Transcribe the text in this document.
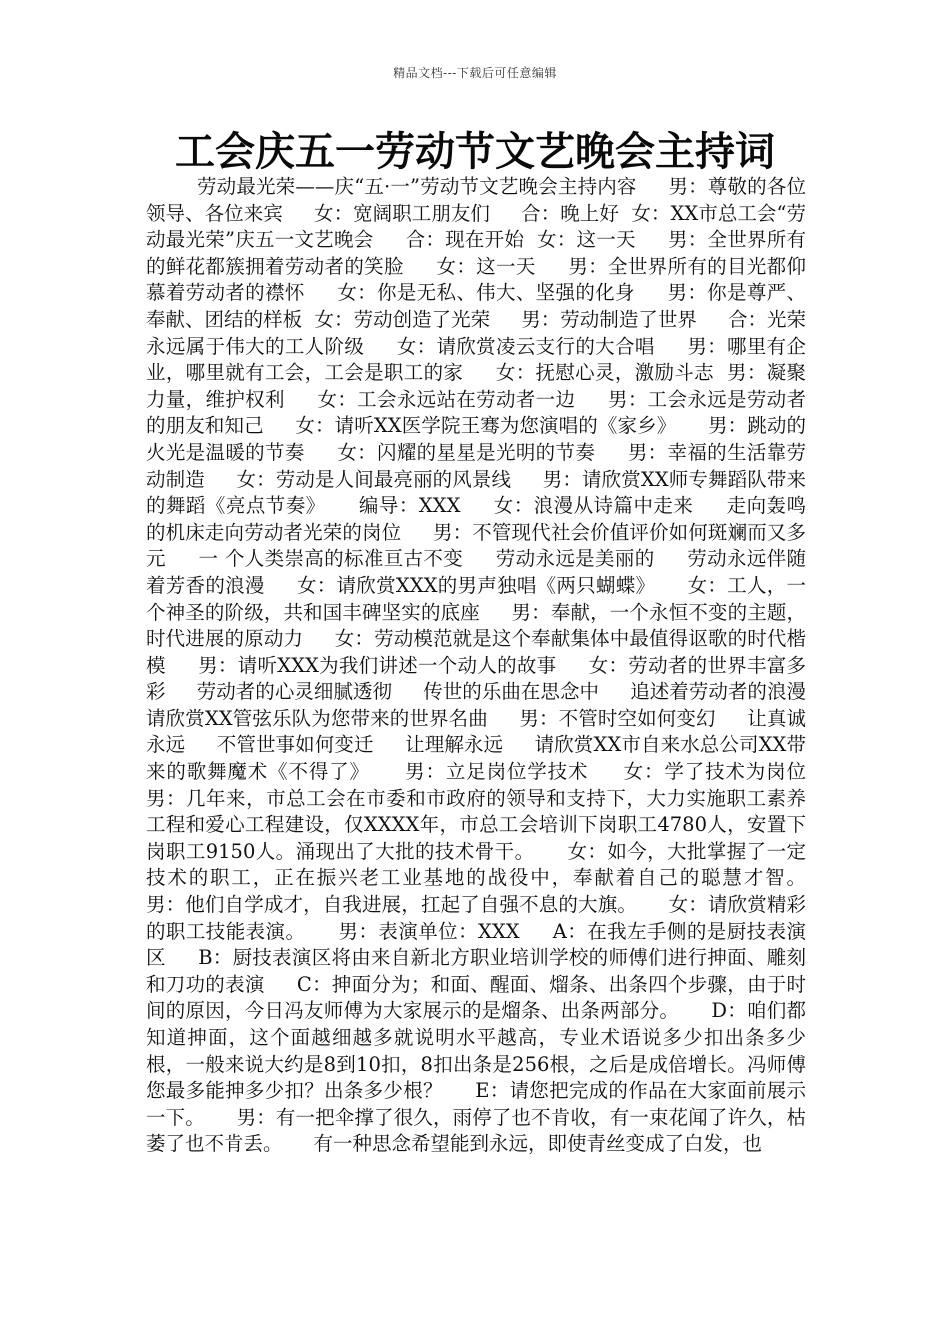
精品文档---下载后可任意编辑
工会庆五一劳动节文艺晚会主持词

劳动最光荣——庆“五·一”劳动节文艺晚会主持内容     男：尊敬的各位领导、各位来宾     女：宽阔职工朋友们     合：晚上好  女：XX市总工会“劳动最光荣”庆五一文艺晚会     合：现在开始  女：这一天     男：全世界所有的鲜花都簇拥着劳动者的笑脸     女：这一天     男：全世界所有的目光都仰慕着劳动者的襟怀     女：你是无私、伟大、坚强的化身     男：你是尊严、奉献、团结的样板  女：劳动创造了光荣     男：劳动制造了世界     合：光荣永远属于伟大的工人阶级     女：请欣赏凌云支行的大合唱     男：哪里有企业，哪里就有工会，工会是职工的家     女：抚慰心灵，激励斗志  男：凝聚力量，维护权利     女：工会永远站在劳动者一边     男：工会永远是劳动者的朋友和知己     女：请听XX医学院王骞为您演唱的《家乡》     男：跳动的火光是温暖的节奏     女：闪耀的星星是光明的节奏     男：幸福的生活靠劳动制造     女：劳动是人间最亮丽的风景线     男：请欣赏XX师专舞蹈队带来的舞蹈《亮点节奏》     编导：XXX     女：浪漫从诗篇中走来     走向轰鸣的机床走向劳动者光荣的岗位     男：不管现代社会价值评价如何斑斓而又多元     一 个人类崇高的标准亘古不变     劳动永远是美丽的     劳动永远伴随着芳香的浪漫     女：请欣赏XXX的男声独唱《两只蝴蝶》     女：工人，一个神圣的阶级，共和国丰碑坚实的底座     男：奉献，一个永恒不变的主题，时代进展的原动力     女：劳动模范就是这个奉献集体中最值得讴歌的时代楷模     男：请听XXX为我们讲述一个动人的故事     女：劳动者的世界丰富多彩     劳动者的心灵细腻透彻     传世的乐曲在思念中     追述着劳动者的浪漫     请欣赏XX管弦乐队为您带来的世界名曲     男：不管时空如何变幻     让真诚永远     不管世事如何变迁     让理解永远     请欣赏XX市自来水总公司XX带来的歌舞魔术《不得了》     男：立足岗位学技术     女：学了技术为岗位     男：几年来，市总工会在市委和市政府的领导和支持下，大力实施职工素养工程和爱心工程建设，仅XXXX年，市总工会培训下岗职工4780人，安置下岗职工9150人。涌现出了大批的技术骨干。     女：如今，大批掌握了一定技术的职工，正在振兴老工业基地的战役中，奉献着自己的聪慧才智。     男：他们自学成才，自我进展，扛起了自强不息的大旗。     女：请欣赏精彩的职工技能表演。     男：表演单位：XXX     A：在我左手侧的是厨技表演区     B：厨技表演区将由来自新北方职业培训学校的师傅们进行抻面、雕刻和刀功的表演     C：抻面分为；和面、醒面、熘条、出条四个步骤，由于时间的原因，今日冯友师傅为大家展示的是熘条、出条两部分。     D：咱们都知道抻面，这个面越细越多就说明水平越高，专业术语说多少扣出条多少根，一般来说大约是8到10扣，8扣出条是256根，之后是成倍增长。冯师傅您最多能抻多少扣？出条多少根？     E：请您把完成的作品在大家面前展示一下。     男：有一把伞撑了很久，雨停了也不肯收，有一束花闻了许久，枯萎了也不肯丢。     有一种思念希望能到永远，即使青丝变成了白发，也
